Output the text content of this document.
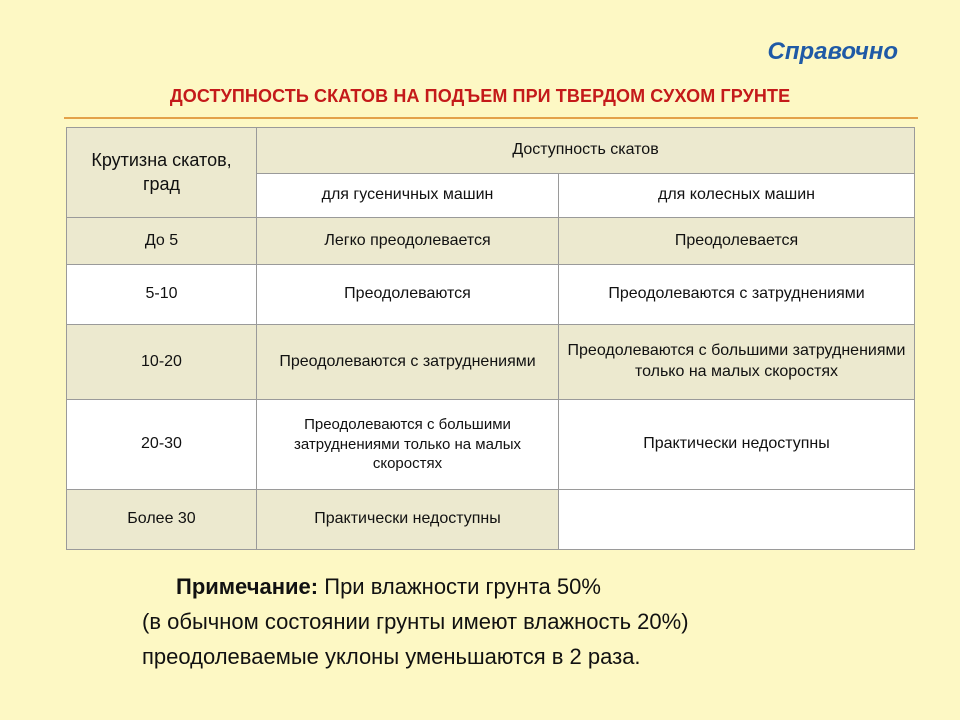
Справочно
ДОСТУПНОСТЬ СКАТОВ НА ПОДЪЕМ ПРИ ТВЕРДОМ СУХОМ ГРУНТЕ
Крутизна скатов, град	Доступность скатов	
	для гусеничных машин	для колесных машин
До 5	Легко преодолевается	Преодолевается
5-10	Преодолеваются	Преодолеваются с затруднениями
10-20	Преодолеваются с затруднениями	Преодолеваются с большими затруднениями только на малых скоростях
20-30	Преодолеваются с большими затруднениями только на малых скоростях	Практически недоступны
Более 30	Практически недоступны	
Примечание: При влажности грунта 50%
(в обычном состоянии грунты имеют влажность 20%)
преодолеваемые уклоны уменьшаются в 2 раза.
